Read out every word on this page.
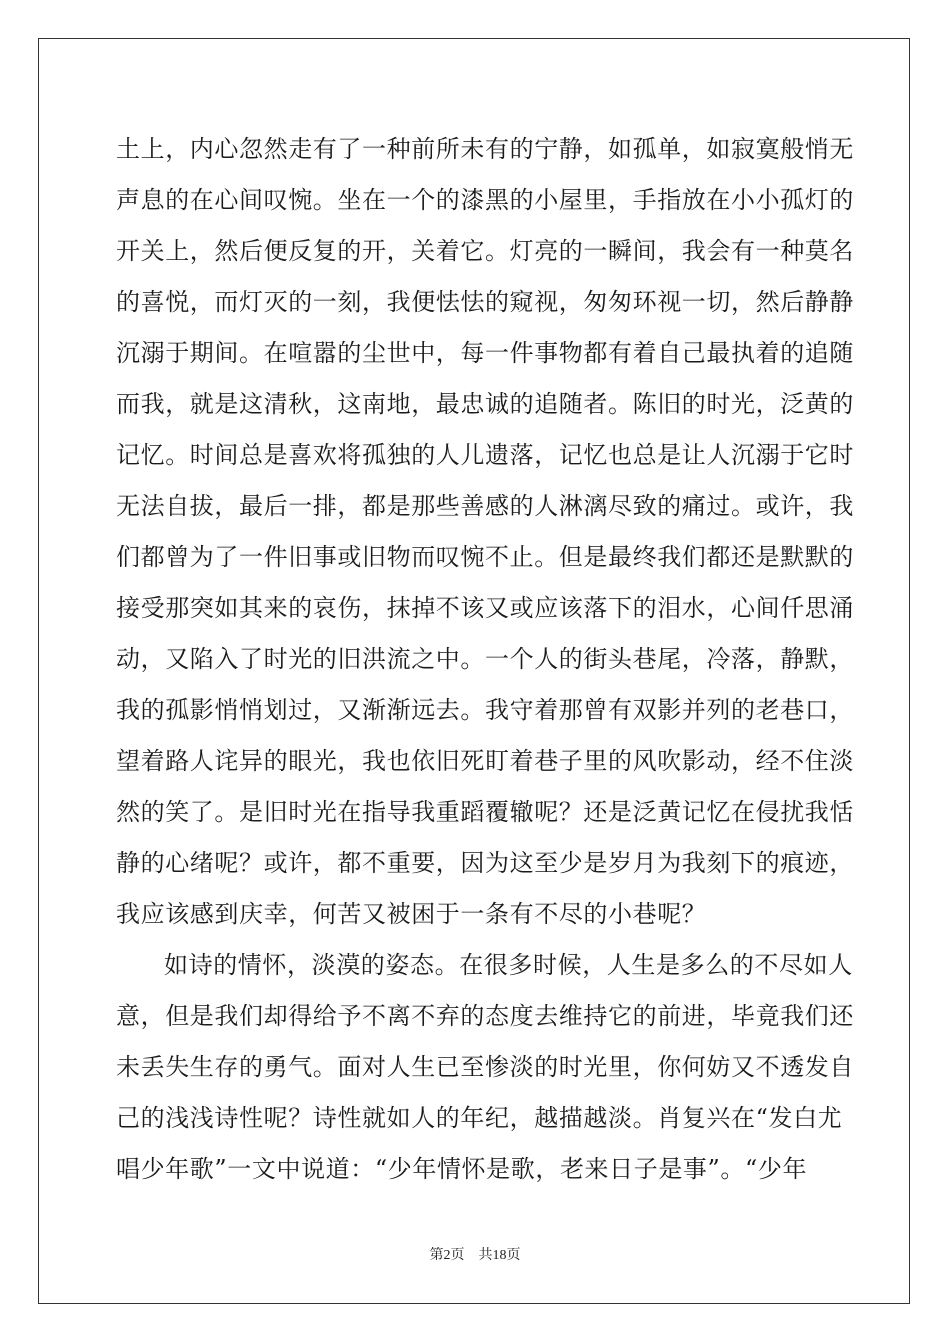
土上，内心忽然走有了一种前所未有的宁静，如孤单，如寂寞般悄无
声息的在心间叹惋。坐在一个的漆黑的小屋里，手指放在小小孤灯的
开关上，然后便反复的开，关着它。灯亮的一瞬间，我会有一种莫名
的喜悦，而灯灭的一刻，我便怯怯的窥视，匆匆环视一切，然后静静
沉溺于期间。在喧嚣的尘世中，每一件事物都有着自己最执着的追随
而我，就是这清秋，这南地，最忠诚的追随者。陈旧的时光，泛黄的
记忆。时间总是喜欢将孤独的人儿遗落，记忆也总是让人沉溺于它时
无法自拔，最后一排，都是那些善感的人淋漓尽致的痛过。或许，我
们都曾为了一件旧事或旧物而叹惋不止。但是最终我们都还是默默的
接受那突如其来的哀伤，抹掉不该又或应该落下的泪水，心间仟思涌
动，又陷入了时光的旧洪流之中。一个人的街头巷尾，冷落，静默，
我的孤影悄悄划过，又渐渐远去。我守着那曾有双影并列的老巷口，
望着路人诧异的眼光，我也依旧死盯着巷子里的风吹影动，经不住淡
然的笑了。是旧时光在指导我重蹈覆辙呢？还是泛黄记忆在侵扰我恬
静的心绪呢？或许，都不重要，因为这至少是岁月为我刻下的痕迹，
我应该感到庆幸，何苦又被困于一条有不尽的小巷呢？
如诗的情怀，淡漠的姿态。在很多时候，人生是多么的不尽如人
意，但是我们却得给予不离不弃的态度去维持它的前进，毕竟我们还
未丢失生存的勇气。面对人生已至惨淡的时光里，你何妨又不透发自
己的浅浅诗性呢？诗性就如人的年纪，越描越淡。肖复兴在“发白尤
唱少年歌”一文中说道：“少年情怀是歌，老来日子是事”。“少年
第2页 共18页
